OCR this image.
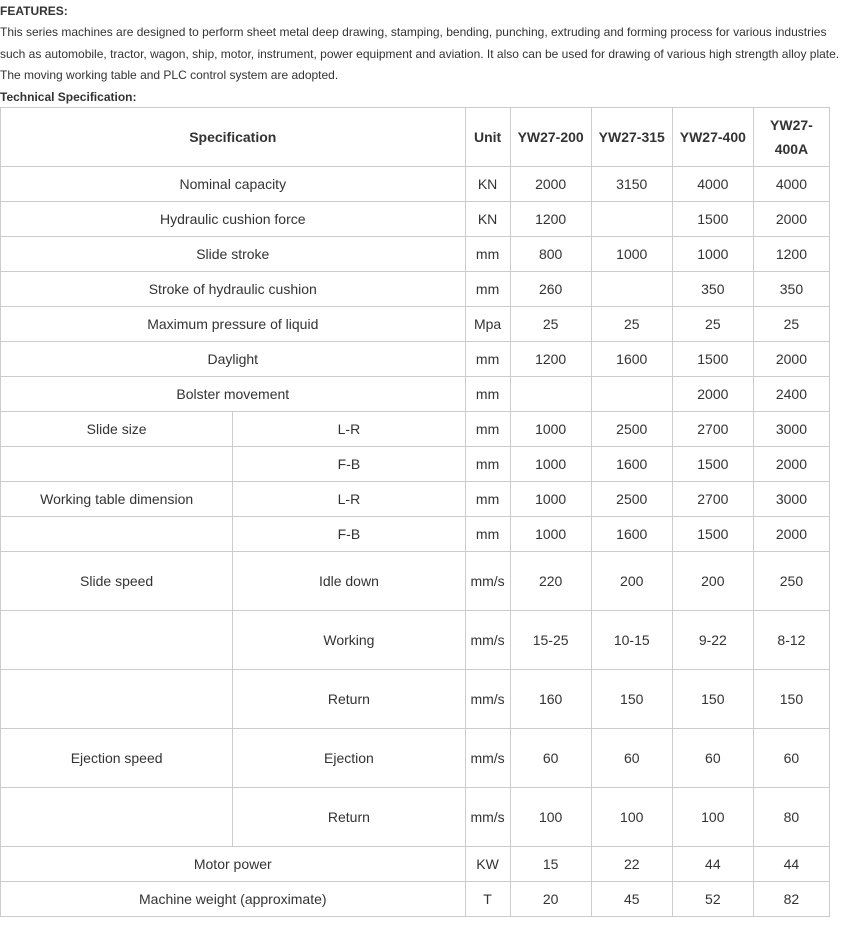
FEATURES:

This series machines are designed to perform sheet metal deep drawing, stamping, bending, punching, extruding and forming process for various industries such as automobile, tractor, wagon, ship, motor, instrument, power equipment and aviation. It also can be used for drawing of various high strength alloy plate. The moving working table and PLC control system are adopted.

Technical Specification:
Specification		Unit	YW27-200	YW27-315	YW27-400	YW27-400A
Nominal capacity		KN	2000	3150	4000	4000
Hydraulic cushion force		KN	1200		1500	2000
Slide stroke		mm	800	1000	1000	1200
Stroke of hydraulic cushion		mm	260		350	350
Maximum pressure of liquid		Mpa	25	25	25	25
Daylight		mm	1200	1600	1500	2000
Bolster movement		mm			2000	2400
Slide size	L-R	mm	1000	2500	2700	3000
	F-B	mm	1000	1600	1500	2000
Working table dimension	L-R	mm	1000	2500	2700	3000
	F-B	mm	1000	1600	1500	2000
Slide speed	Idle down	mm/s	220	200	200	250
	Working	mm/s	15-25	10-15	9-22	8-12
	Return	mm/s	160	150	150	150
Ejection speed	Ejection	mm/s	60	60	60	60
	Return	mm/s	100	100	100	80
Motor power		KW	15	22	44	44
Machine weight (approximate)		T	20	45	52	82
